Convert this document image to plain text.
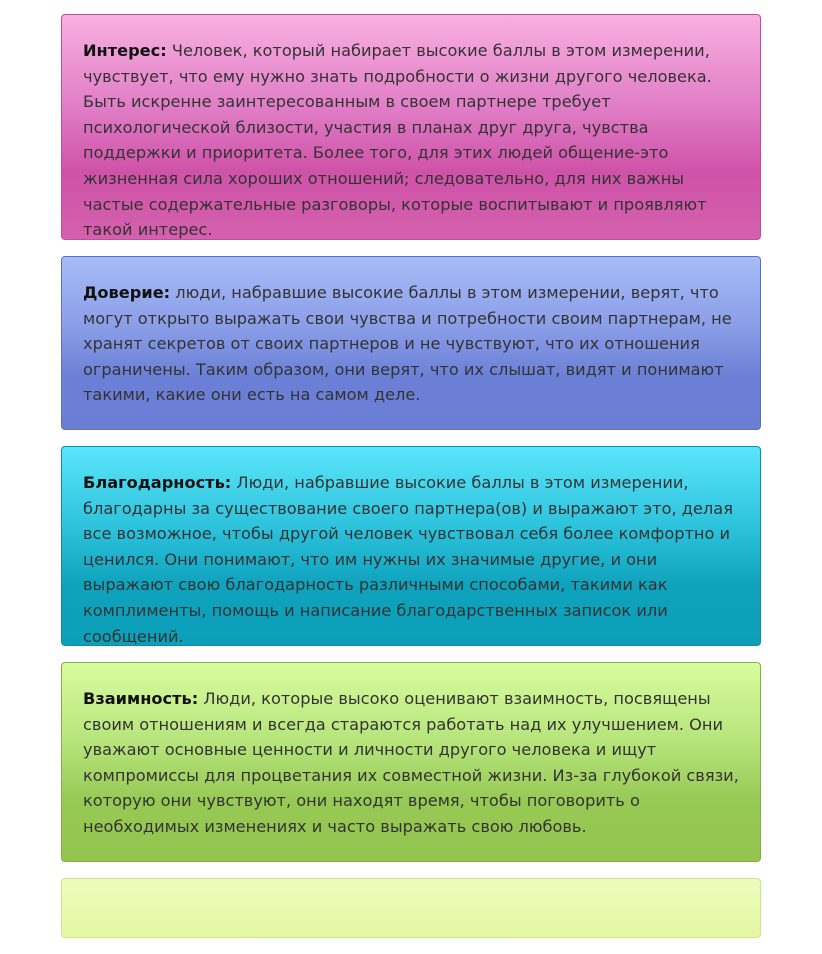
Интерес: Человек, который набирает высокие баллы в этом измерении, чувствует, что ему нужно знать подробности о жизни другого человека. Быть искренне заинтересованным в своем партнере требует психологической близости, участия в планах друг друга, чувства поддержки и приоритета. Более того, для этих людей общение-это жизненная сила хороших отношений; следовательно, для них важны частые содержательные разговоры, которые воспитывают и проявляют такой интерес.
Доверие: люди, набравшие высокие баллы в этом измерении, верят, что могут открыто выражать свои чувства и потребности своим партнерам, не хранят секретов от своих партнеров и не чувствуют, что их отношения ограничены. Таким образом, они верят, что их слышат, видят и понимают такими, какие они есть на самом деле.
Благодарность: Люди, набравшие высокие баллы в этом измерении, благодарны за существование своего партнера(ов) и выражают это, делая все возможное, чтобы другой человек чувствовал себя более комфортно и ценился. Они понимают, что им нужны их значимые другие, и они выражают свою благодарность различными способами, такими как комплименты, помощь и написание благодарственных записок или сообщений.
Взаимность: Люди, которые высоко оценивают взаимность, посвящены своим отношениям и всегда стараются работать над их улучшением. Они уважают основные ценности и личности другого человека и ищут компромиссы для процветания их совместной жизни. Из-за глубокой связи, которую они чувствуют, они находят время, чтобы поговорить о необходимых изменениях и часто выражать свою любовь.
